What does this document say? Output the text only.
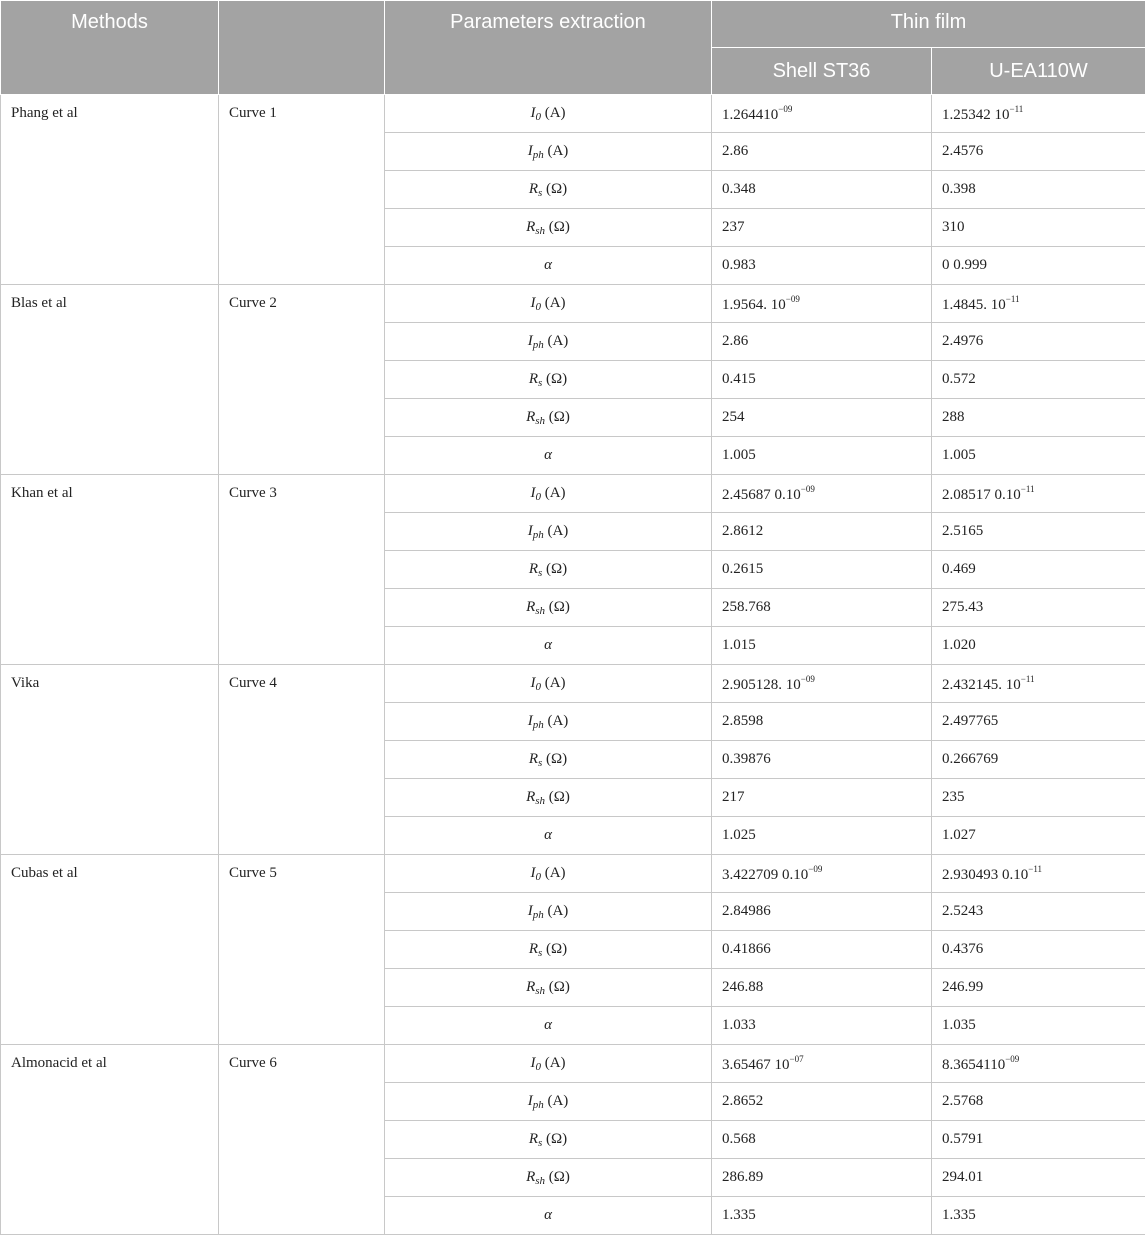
Methods		Parameters extraction	Thin film	
			Shell ST36	U-EA110W
Phang et al	Curve 1	$I_0$ (A)	$1.264410^{-09}$	1.25342 $10^{-11}$
		$I_{ph}$ (A)	2.86	2.4576
		$R_s$ (Ω)	0.348	0.398
		$R_{sh}$ (Ω)	237	310
		α	0.983	0 0.999
Blas et al	Curve 2	$I_0$ (A)	1.9564. $10^{-09}$	1.4845. $10^{-11}$
		$I_{ph}$ (A)	2.86	2.4976
		$R_s$ (Ω)	0.415	0.572
		$R_{sh}$ (Ω)	254	288
		α	1.005	1.005
Khan et al	Curve 3	$I_0$ (A)	2.45687 $0.10^{-09}$	2.08517 $0.10^{-11}$
		$I_{ph}$ (A)	2.8612	2.5165
		$R_s$ (Ω)	0.2615	0.469
		$R_{sh}$ (Ω)	258.768	275.43
		α	1.015	1.020
Vika	Curve 4	$I_0$ (A)	2.905128. $10^{-09}$	2.432145. $10^{-11}$
		$I_{ph}$ (A)	2.8598	2.497765
		$R_s$ (Ω)	0.39876	0.266769
		$R_{sh}$ (Ω)	217	235
		α	1.025	1.027
Cubas et al	Curve 5	$I_0$ (A)	3.422709 $0.10^{-09}$	2.930493 $0.10^{-11}$
		$I_{ph}$ (A)	2.84986	2.5243
		$R_s$ (Ω)	0.41866	0.4376
		$R_{sh}$ (Ω)	246.88	246.99
		α	1.033	1.035
Almonacid et al	Curve 6	$I_0$ (A)	3.65467 $10^{-07}$	$8.3654110^{-09}$
		$I_{ph}$ (A)	2.8652	2.5768
		$R_s$ (Ω)	0.568	0.5791
		$R_{sh}$ (Ω)	286.89	294.01
		α	1.335	1.335
